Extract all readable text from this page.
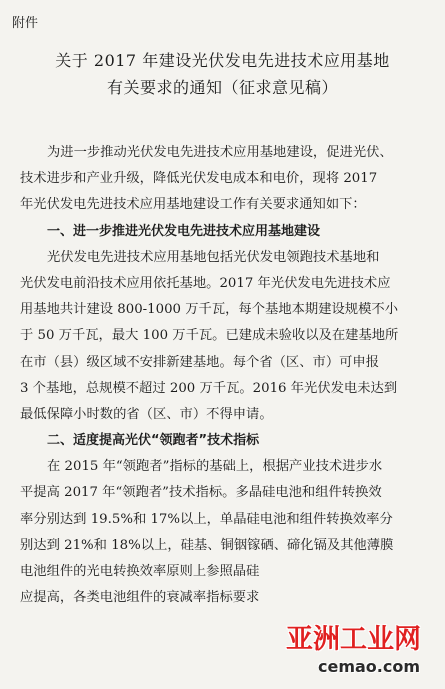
附件
关于 2017 年建设光伏发电先进技术应用基地
有关要求的通知（征求意见稿）
为进一步推动光伏发电先进技术应用基地建设，促进光伏、
技术进步和产业升级，降低光伏发电成本和电价，现将 2017
年光伏发电先进技术应用基地建设工作有关要求通知如下：
一、进一步推进光伏发电先进技术应用基地建设
光伏发电先进技术应用基地包括光伏发电领跑技术基地和
光伏发电前沿技术应用依托基地。2017 年光伏发电先进技术应
用基地共计建设 800-1000 万千瓦，每个基地本期建设规模不小
于 50 万千瓦，最大 100 万千瓦。已建成未验收以及在建基地所
在市（县）级区域不安排新建基地。每个省（区、市）可申报
3 个基地，总规模不超过 200 万千瓦。2016 年光伏发电未达到
最低保障小时数的省（区、市）不得申请。
二、适度提高光伏“领跑者”技术指标
在 2015 年“领跑者”指标的基础上，根据产业技术进步水
平提高 2017 年“领跑者”技术指标。多晶硅电池和组件转换效
率分别达到 19.5%和 17%以上，单晶硅电池和组件转换效率分
别达到 21%和 18%以上，硅基、铜铟镓硒、碲化镉及其他薄膜
电池组件的光电转换效率原则上参照晶硅
应提高，各类电池组件的衰减率指标要求
亚洲工业网
cemao.com
